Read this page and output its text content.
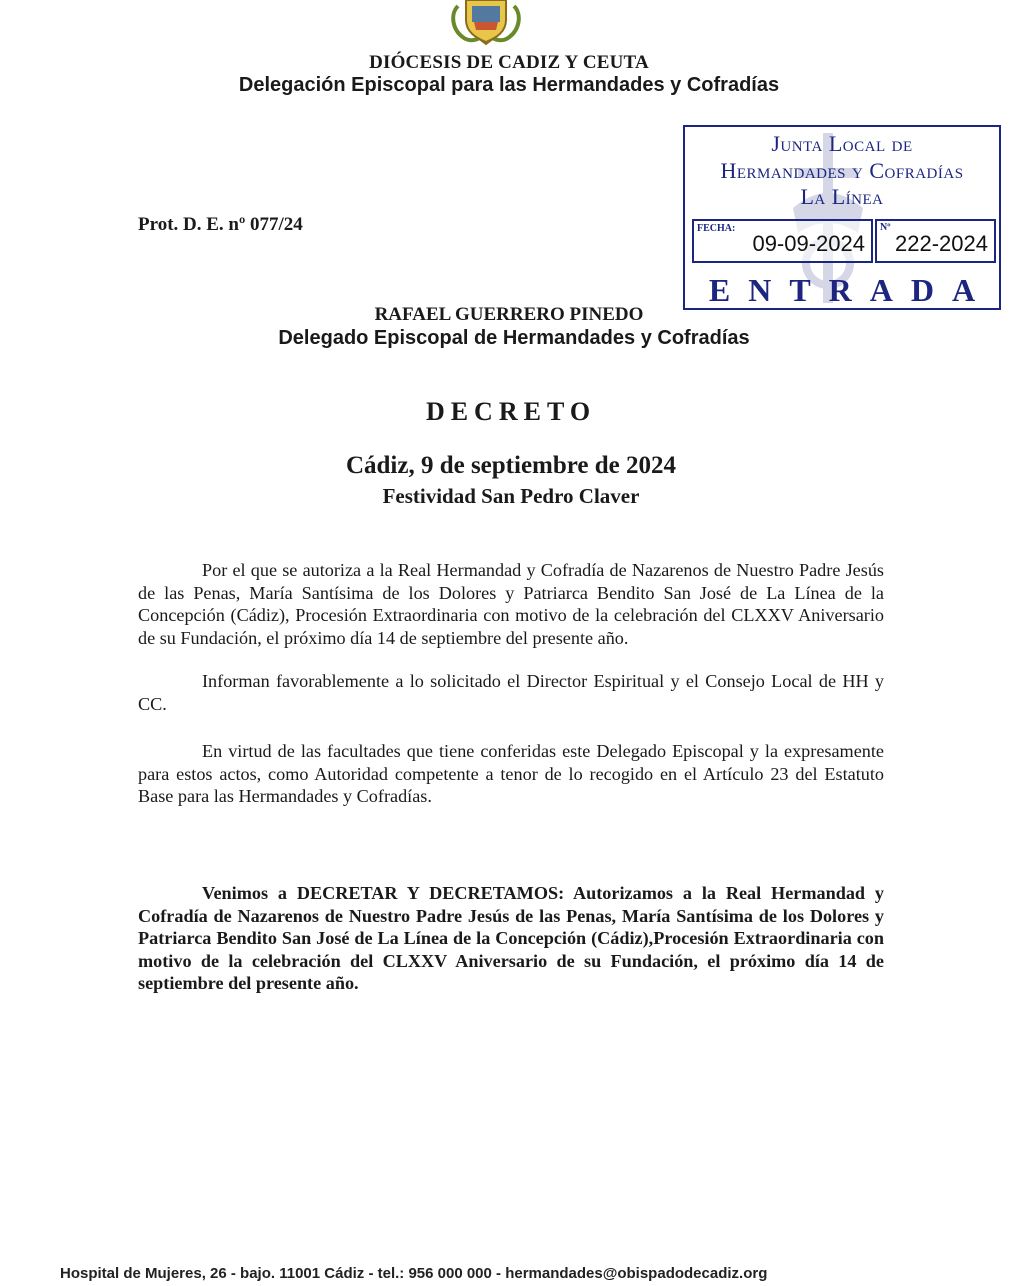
DIÓCESIS DE CADIZ Y CEUTA
Delegación Episcopal para las Hermandades y Cofradías
Prot. D. E. nº 077/24
Junta Local de
Hermandades y Cofradías
La Línea
FECHA:
09-09-2024
Nº
222-2024
ENTRADA
RAFAEL GUERRERO PINEDO
Delegado Episcopal de Hermandades y Cofradías
DECRETO
Cádiz, 9 de septiembre de 2024
Festividad San Pedro Claver
Por el que se autoriza a la Real Hermandad y Cofradía de Nazarenos de Nuestro Padre Jesús de las Penas, María Santísima de los Dolores y Patriarca Bendito San José de La Línea de la Concepción (Cádiz), Procesión Extraordinaria con motivo de la celebración del CLXXV Aniversario de su Fundación, el próximo día 14 de septiembre del presente año.
Informan favorablemente a lo solicitado el Director Espiritual y el Consejo Local de HH y CC.
En virtud de las facultades que tiene conferidas este Delegado Episcopal y la expresamente para estos actos, como Autoridad competente a tenor de lo recogido en el Artículo 23 del Estatuto Base para las Hermandades y Cofradías.
Venimos a DECRETAR Y DECRETAMOS: Autorizamos a la Real Hermandad y Cofradía de Nazarenos de Nuestro Padre Jesús de las Penas, María Santísima de los Dolores y Patriarca Bendito San José de La Línea de la Concepción (Cádiz),Procesión Extraordinaria con motivo de la celebración del CLXXV Aniversario de su Fundación, el próximo día 14 de septiembre del presente año.
Hospital de Mujeres, 26 - bajo. 11001 Cádiz - tel.: 956 000 000 - hermandades@obispadodecadiz.org
